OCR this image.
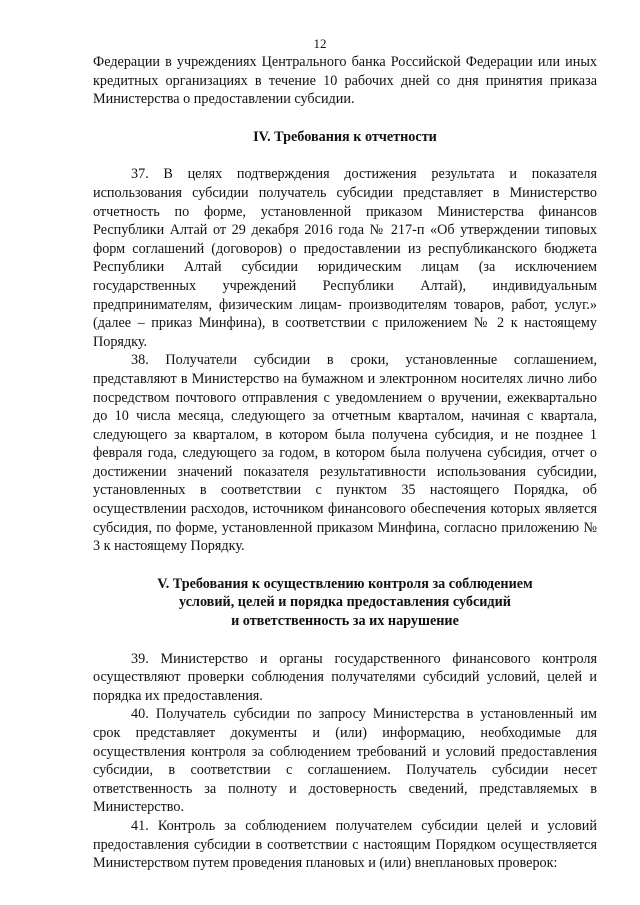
12

Федерации в учреждениях Центрального банка Российской Федерации или иных кредитных организациях в течение 10 рабочих дней со дня принятия приказа Министерства о предоставлении субсидии.

IV. Требования к отчетности

37. В целях подтверждения достижения результата и показателя использования субсидии получатель субсидии представляет в Министерство отчетность по форме, установленной приказом Министерства финансов Республики Алтай от 29 декабря 2016 года № 217-п «Об утверждении типовых форм соглашений (договоров) о предоставлении из республиканского бюджета Республики Алтай субсидии юридическим лицам (за исключением государственных учреждений Республики Алтай), индивидуальным предпринимателям, физическим лицам- производителям товаров, работ, услуг.» (далее – приказ Минфина), в соответствии с приложением № 2 к настоящему Порядку.

38. Получатели субсидии в сроки, установленные соглашением, представляют в Министерство на бумажном и электронном носителях лично либо посредством почтового отправления с уведомлением о вручении, ежеквартально до 10 числа месяца, следующего за отчетным кварталом, начиная с квартала, следующего за кварталом, в котором была получена субсидия, и не позднее 1 февраля года, следующего за годом, в котором была получена субсидия, отчет о достижении значений показателя результативности использования субсидии, установленных в соответствии с пунктом 35 настоящего Порядка, об осуществлении расходов, источником финансового обеспечения которых является субсидия, по форме, установленной приказом Минфина, согласно приложению № 3 к настоящему Порядку.

V. Требования к осуществлению контроля за соблюдением
условий, целей и порядка предоставления субсидий
и ответственность за их нарушение

39. Министерство и органы государственного финансового контроля осуществляют проверки соблюдения получателями субсидий условий, целей и порядка их предоставления.

40. Получатель субсидии по запросу Министерства в установленный им срок представляет документы и (или) информацию, необходимые для осуществления контроля за соблюдением требований и условий предоставления субсидии, в соответствии с соглашением. Получатель субсидии несет ответственность за полноту и достоверность сведений, представляемых в Министерство.

41. Контроль за соблюдением получателем субсидии целей и условий предоставления субсидии в соответствии с настоящим Порядком осуществляется Министерством путем проведения плановых и (или) внеплановых проверок:
